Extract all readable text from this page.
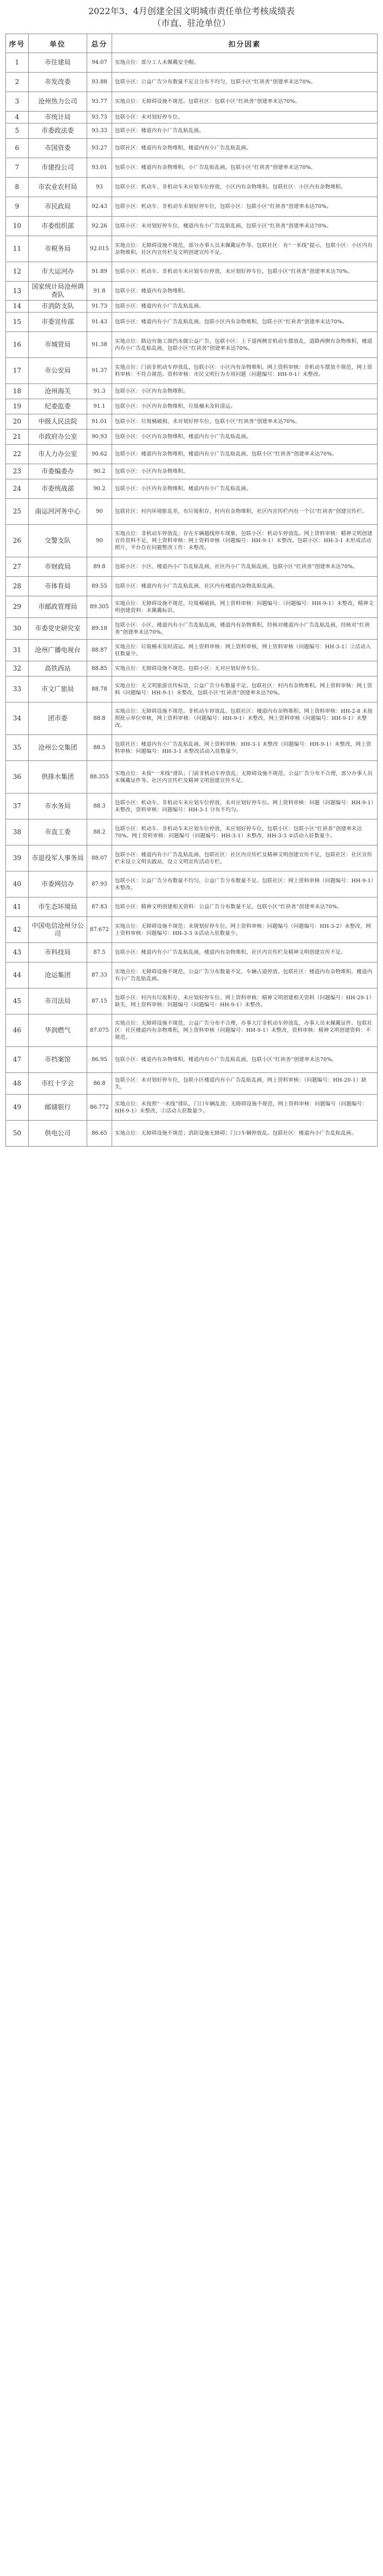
2022年3、4月创建全国文明城市责任单位考核成绩表
（市直、驻沧单位）
序号	单位	总分	扣分因素
1	市住建局	94.07	实地点位：部分工人未佩戴安全帽。
2	市发改委	93.88	包联小区：公益广告分布数量不足且分布不均匀，包联小区“红袂善”创建率未达70%。
3	沧州热力公司	93.77	实地点位：无障碍设施不规范。包联社区：包联小区“红袂善”创建率未达70%。
4	市统计局	93.73	包联小区：未对划好停车位。
5	市委政法委	93.33	包联小区：楼道内有小广告乱贴乱画。
6	市国资委	93.27	包联社区：楼道内有杂物堆积，楼道内有小广告乱贴乱画。
7	市建投公司	93.01	包联小区：楼道内有杂物堆积，小广告乱贴乱画，包联小区“红袂善”创建率未达70%。
8	市农业农村局	93	包联小区：机动车、非机动车未应划车位停放，小区内有杂物堆积。包联社区：小区内有杂物堆积。
9	市民政局	92.43	包联小区：机动车、非机动车未划好停车位，包联小区：包联小区“红袂善”创建率未达70%。
10	市委组织部	92.26	包联小区：未对划好停车位，楼道内有小广告乱贴乱画，包联小区“红袂善”创建率未达70%。
11	市税务局	92.015	实地点位：无障碍设施不规范，部分办事人员未佩戴证件等。包联社区：有“一米线”提示，包联小区：小区内有杂物堆积，社区内宣传栏及文明创建宣传不足。
12	市大运河办	91.89	包联小区：机动车、非机动车未应划车位停放，未应划好停车位，包联小区“红袂善”创建率未达70%。
13	国家统计局沧州调查队	91.8	包联小区：楼道内有杂物堆积。
14	市消防支队	91.73	包联小区：楼道内有小广告乱贴乱画。
15	市委宣传部	91.43	包联小区：楼道内有小广告乱贴乱画，包联小区内有杂物堆积，包联小区“红袂善”创建率未达70%。
16	市城管局	91.38	实地点位：路边有施工围挡未做公益广告，包联小区：上下道两侧非机动车摆放乱，道路两侧有杂物堆积，楼道内有小广告乱贴乱画，包联小区“红袂善”创建率未达70%。
17	市公安局	91.37	实地点位：门前非机动车停放乱，包联小区：小区内有杂物堆积。网上资料审核：非机动车摆放不规范，网上资料审核：不符合规范。资料审核：市民文明行为专项问题（问题编号：HH-9-1）未整改。
18	沧州海关	91.3	包联小区：小区内有杂物堆积。
19	纪委监委	91.1	包联小区：小区内有杂物堆积，垃圾桶未及时清运。
20	中级人民法院	91.01	包联小区：垃圾桶破损，未对划好停车位，包联小区“红袂善”创建率未达70%。
21	市政府办公室	90.93	包联小区：小区内有杂物堆积，楼道内有小广告乱贴乱画。
22	市人力办公室	90.62	包联小区：楼道内有杂物堆积，楼道内有小广告乱贴乱画，包联小区“红袂善”创建率未达70%。
23	市委编委办	90.2	包联小区：小区内有杂物堆积。
24	市委统战部	90.2	包联小区：小区内有杂物堆积，楼道内有小广告乱贴乱画。
25	南运河河务中心	90	包联社区：村内环境脏乱差，有垃圾积存，村内有杂物堆积，社区内宣传栏内有一个以“红袂善”创建宣传栏。
26	交警支队	90	实地点位：非机动车停放乱；存在车辆越线停车现象，包联小区：机动车停放乱。网上资料审核：精神文明创建宣传资料不足，网上资料审核：网上资料审核（问题编号：HH-9-1）未整改。包联小区：HH-3-1 未形成活动照片，平台存在问题整改工作：未整改。
27	市财政局	89.8	包联小区：小区、楼道内小广告乱贴乱画，社区内小广告乱贴乱画，包联小区“红袂善”创建率未达70%。
28	市体育局	89.55	包联小区：楼道内有小广告乱贴乱画，社区内有楼道内杂物乱贴乱画。
29	市邮政管理局	89.305	实地点位：无障碍设施不规范，垃圾桶破损。网上资料审核：问题编号：（问题编号：HH-9-1）未整改，精神文明创建资料：未佩戴标识。
30	市委党史研究室	89.18	包联小区：小区、楼道内有小广告乱贴乱画，楼道内有杂物堆积，经核对楼道内小广告乱贴乱画，经核对“红袂善”创建率未达70%。
31	沧州广播电视台	88.87	实地点位：垃圾桶未及时清运。网上资料审核：网上资料审核，网上资料审核（问题编号：HH-3-1）②活动入驻数量少。
32	高铁西站	88.85	实地点位：无障碍设施不规范。包联小区：无对应划好停车位。
33	市文广旅局	88.78	实地点位：无文明旅游宣传标语，公益广告分布数量不足。包联社区：村内有杂物堆积。网上资料审核：网上资料（问题编号：HH-9-1）未整改，包联小区“红袂善”创建率未达70%。
34	团市委	88.8	实地点位：无障碍设施不规范。非机动车停放乱。包联社区：楼道内有杂物堆积。网上资料审核：HH-2-8 未按照批示单位审核，网上资料审核：（问题编号：HH-9-1）未整改，网上资料审核（问题编号：HH-9-1）未整改。
35	沧州公交集团	88.5	包联社区：楼道内有小广告乱贴乱画，网上资料审核：HH-3-1 未整改（问题编号：HH-9-1）未整改，网上资料审核：问题编号：HH-3-1 未整改活动入驻数量少。
36	供排水集团	88.355	实地点位：未按“一米线”排队；门前非机动车停放乱；无障碍设施不规范，公益广告分布不合理，部分办事人员未佩戴证件等。社区内宣传栏及精神文明创建宣传不足。
37	市水务局	88.3	包联小区：机动车、非机动车未应划车位停放，未对应划好停车位。网上资料审核：问题（问题编号：HH-9-1）未整改，资料审核：问题编号：HH-3-1 分布不均匀。
38	市直工委	88.2	包联小区：机动车、非机动车未应划车位停放，未应划好停车位，包联小区：包联小区“红袂善”创建率未达70%。网上资料审核：问题编号（问题编号：HH-3-1）未整改，HH-3-3 ②活动入驻数量少。
39	市退役军人事务局	88.07	包联小区：楼道内有小广告乱贴乱画，包联社区：社区内宣传栏及精神文明创建宣传不足，包联社区：社区宣传栏未设立文明实践站，设立文明宣传活动专栏。
40	市委网信办	87.93	包联小区：公益广告分布数量不均匀，公益广告分布数量不足。包联社区：网上资料审核（问题编号：HH-9-1）未整改。
41	市生态环境局	87.83	包联小区：精神文明创建相关资料：公益广告分布数量不足，包联小区“红袂善”创建率未达70%。
42	中国电信沧州分公司	87.672	实地点位：无障碍设施不规范；未规划好停车位。网上资料审核：问题编号（问题编号：HH-3-2）未整改，网上资料审核：问题编号：HH-3-3 ②活动入驻数量少。
43	市科技局	87.5	包联小区：楼道内有小广告乱贴乱画，楼道内有杂物堆积，社区内宣传栏及精神文明创建宣传不足。
44	沧运集团	87.33	实地点位：无障碍设施不规范，公益广告分布数量不足，车辆占道停放。包联社区：楼道内有杂物堆积，楼道内有小广告乱贴乱画。
45	市司法局	87.15	包联小区：村内有垃圾积存，未应划好停车位。网上资料审核：精神文明创建相关资料（问题编号：HH-29-1）缺失，网上资料审核：问题编号（问题编号：HH-9-1）未整改。
46	华润燃气	87.075	实地点位：无障碍设施不规范，公益广告分布不合理，办事大厅非机动车停放乱，办事人员未佩戴证件。包联社区：社区楼道内有杂物堆积，网上资料审核（问题编号：HH-9-1）未整改，资料审核：精神文明创建资料：不规范。
47	市档案馆	86.95	包联小区：楼道内有杂物堆积，楼道内有小广告乱贴乱画，包联小区“红袂善”创建率未达70%。
48	市红十字会	86.8	包联小区：未对划好停车位，包联小区楼道内有小广告乱贴乱画，网上资料审核：（问题编号：HH-20-1）缺失。
49	邮储银行	86.772	实地点位：未按照“一米线”排队，门口车辆乱放；无障碍设施不规范，网上资料审核：问题编号（问题编号：HH-9-1）未整改，②活动入驻数量少。
50	供电公司	86.65	实地点位：无障碍设施不规范；消防设施无障碍；门口车辆停放乱。包联社区：楼道内小广告乱贴乱画。
